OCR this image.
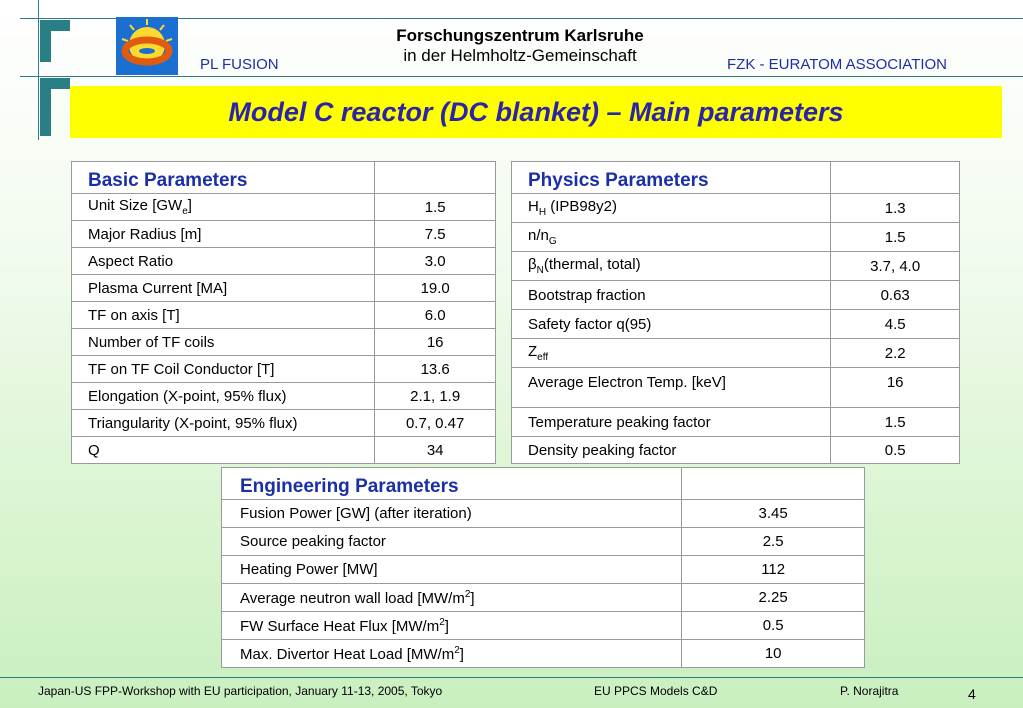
Forschungszentrum Karlsruhe
in der Helmholtz-Gemeinschaft
PL FUSION	FZK - EURATOM ASSOCIATION
Model C reactor (DC blanket) – Main parameters
Basic Parameters	
Unit Size $[GW_e]$	1.5
Major Radius [m]	7.5
Aspect Ratio	3.0
Plasma Current [MA]	19.0
TF on axis [T]	6.0
Number of TF coils	16
TF on TF Coil Conductor [T]	13.6
Elongation (X-point, 95% flux)	2.1, 1.9
Triangularity (X-point, 95% flux)	0.7, 0.47
Q	34
Physics Parameters	
$H_H$ (IPB98y2)	1.3
$n/n_G$	1.5
$\beta_N(thermal$, total)	3.7, 4.0
Bootstrap fraction	0.63
Safety factor q(95)	4.5
$Z_{eff}$	2.2
Average Electron Temp. [keV]	16
Temperature peaking factor	1.5
Density peaking factor	0.5
Engineering Parameters	
Fusion Power [GW] (after iteration)	3.45
Source peaking factor	2.5
Heating Power [MW]	112
Average neutron wall load $[MW/m^2]$	2.25
FW Surface Heat Flux $[MW/m^2]$	0.5
Max. Divertor Heat Load $[MW/m^2]$	10
Japan-US FPP-Workshop with EU participation, January 11-13, 2005, Tokyo	EU PPCS Models C&D	P. Norajitra	4
